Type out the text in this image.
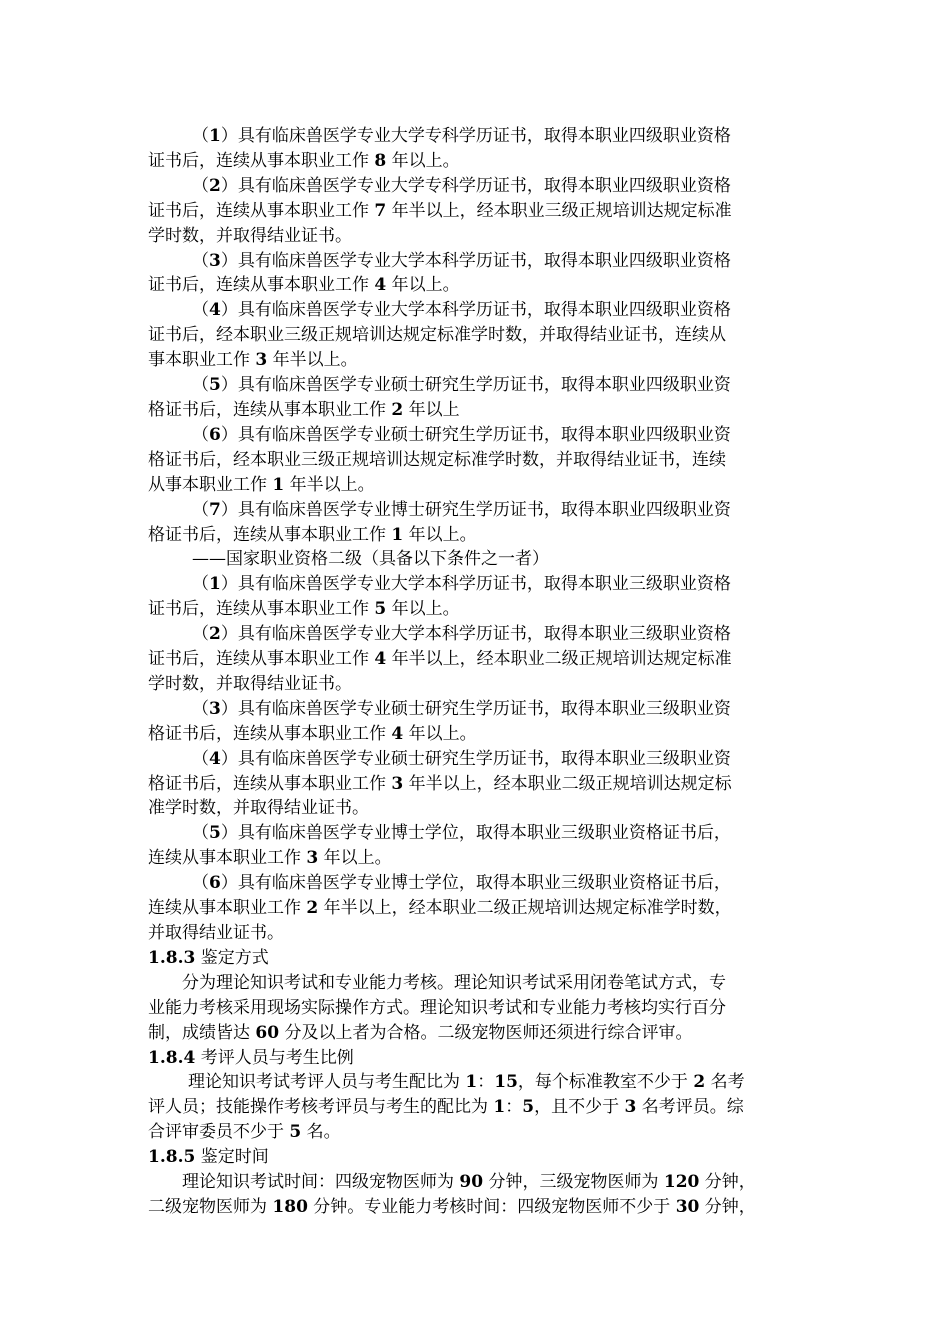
（1）具有临床兽医学专业大学专科学历证书，取得本职业四级职业资格

证书后，连续从事本职业工作 8 年以上。

（2）具有临床兽医学专业大学专科学历证书，取得本职业四级职业资格

证书后，连续从事本职业工作 7 年半以上，经本职业三级正规培训达规定标准

学时数，并取得结业证书。

（3）具有临床兽医学专业大学本科学历证书，取得本职业四级职业资格

证书后，连续从事本职业工作 4 年以上。

（4）具有临床兽医学专业大学本科学历证书，取得本职业四级职业资格

证书后，经本职业三级正规培训达规定标准学时数，并取得结业证书，连续从

事本职业工作 3 年半以上。

（5）具有临床兽医学专业硕士研究生学历证书，取得本职业四级职业资

格证书后，连续从事本职业工作 2 年以上

（6）具有临床兽医学专业硕士研究生学历证书，取得本职业四级职业资

格证书后，经本职业三级正规培训达规定标准学时数，并取得结业证书，连续

从事本职业工作 1 年半以上。

（7）具有临床兽医学专业博士研究生学历证书，取得本职业四级职业资

格证书后，连续从事本职业工作 1 年以上。

——国家职业资格二级（具备以下条件之一者）

（1）具有临床兽医学专业大学本科学历证书，取得本职业三级职业资格

证书后，连续从事本职业工作 5 年以上。

（2）具有临床兽医学专业大学本科学历证书，取得本职业三级职业资格

证书后，连续从事本职业工作 4 年半以上，经本职业二级正规培训达规定标准

学时数，并取得结业证书。

（3）具有临床兽医学专业硕士研究生学历证书，取得本职业三级职业资

格证书后，连续从事本职业工作 4 年以上。

（4）具有临床兽医学专业硕士研究生学历证书，取得本职业三级职业资

格证书后，连续从事本职业工作 3 年半以上，经本职业二级正规培训达规定标

准学时数，并取得结业证书。

（5）具有临床兽医学专业博士学位，取得本职业三级职业资格证书后，

连续从事本职业工作 3 年以上。

（6）具有临床兽医学专业博士学位，取得本职业三级职业资格证书后，

连续从事本职业工作 2 年半以上，经本职业二级正规培训达规定标准学时数，

并取得结业证书。

1.8.3 鉴定方式

分为理论知识考试和专业能力考核。理论知识考试采用闭卷笔试方式，专

业能力考核采用现场实际操作方式。理论知识考试和专业能力考核均实行百分

制，成绩皆达 60 分及以上者为合格。二级宠物医师还须进行综合评审。

1.8.4 考评人员与考生比例

理论知识考试考评人员与考生配比为 1：15，每个标准教室不少于 2 名考

评人员；技能操作考核考评员与考生的配比为 1：5，且不少于 3 名考评员。综

合评审委员不少于 5 名。

1.8.5 鉴定时间

理论知识考试时间：四级宠物医师为 90 分钟，三级宠物医师为 120 分钟，

二级宠物医师为 180 分钟。专业能力考核时间：四级宠物医师不少于 30 分钟，
